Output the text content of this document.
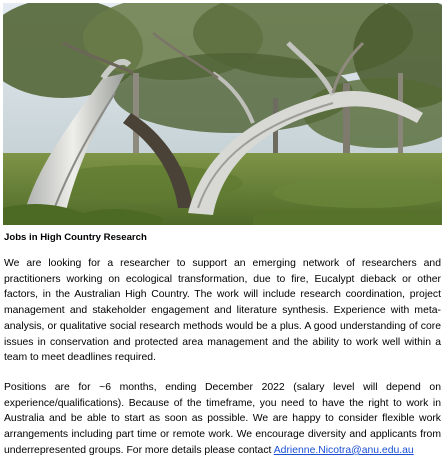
Jobs in High Country Research

We are looking for a researcher to support an emerging network of researchers and practitioners working on ecological transformation, due to fire, Eucalypt dieback or other factors, in the Australian High Country. The work will include research coordination, project management and stakeholder engagement and literature synthesis. Experience with meta-analysis, or qualitative social research methods would be a plus. A good understanding of core issues in conservation and protected area management and the ability to work well within a team to meet deadlines required.

Positions are for ~6 months, ending December 2022 (salary level will depend on experience/qualifications). Because of the timeframe, you need to have the right to work in Australia and be able to start as soon as possible. We are happy to consider flexible work arrangements including part time or remote work. We encourage diversity and applicants from underrepresented groups. For more details please contact Adrienne.Nicotra@anu.edu.au
